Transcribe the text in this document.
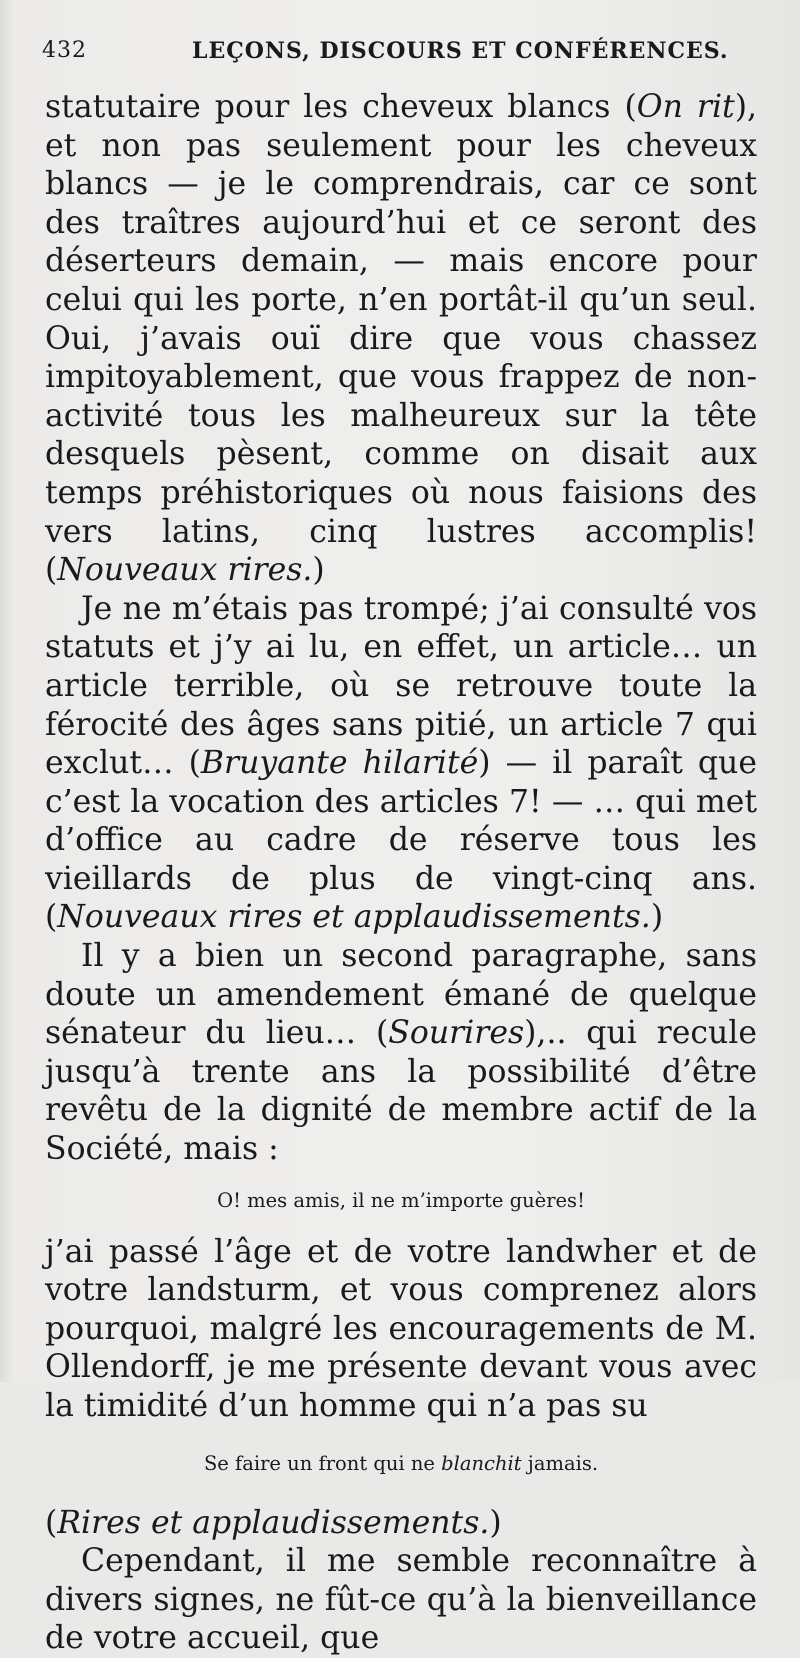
432	LEÇONS, DISCOURS ET CONFÉRENCES.

statutaire pour les cheveux blancs (On rit), et non pas seulement pour les cheveux blancs — je le comprendrais, car ce sont des traîtres aujourd’hui et ce seront des déserteurs demain, — mais encore pour celui qui les porte, n’en portât-il qu’un seul. Oui, j’avais ouï dire que vous chassez impitoyablement, que vous frappez de non-activité tous les malheureux sur la tête desquels pèsent, comme on disait aux temps préhistoriques où nous faisions des vers latins, cinq lustres accomplis! (Nouveaux rires.)

Je ne m’étais pas trompé; j’ai consulté vos statuts et j’y ai lu, en effet, un article… un article terrible, où se retrouve toute la férocité des âges sans pitié, un article 7 qui exclut… (Bruyante hilarité) — il paraît que c’est la vocation des articles 7! — … qui met d’office au cadre de réserve tous les vieillards de plus de vingt-cinq ans. (Nouveaux rires et applaudissements.)

Il y a bien un second paragraphe, sans doute un amendement émané de quelque sénateur du lieu… (Sourires),.. qui recule jusqu’à trente ans la possibilité d’être revêtu de la dignité de membre actif de la Société, mais :

O! mes amis, il ne m’importe guères!

j’ai passé l’âge et de votre landwher et de votre landsturm, et vous comprenez alors pourquoi, malgré les encouragements de M. Ollendorff, je me présente devant vous avec la timidité d’un homme qui n’a pas su

Se faire un front qui ne blanchit jamais.

(Rires et applaudissements.)

Cependant, il me semble reconnaître à divers signes, ne fût-ce qu’à la bienveillance de votre accueil, que
